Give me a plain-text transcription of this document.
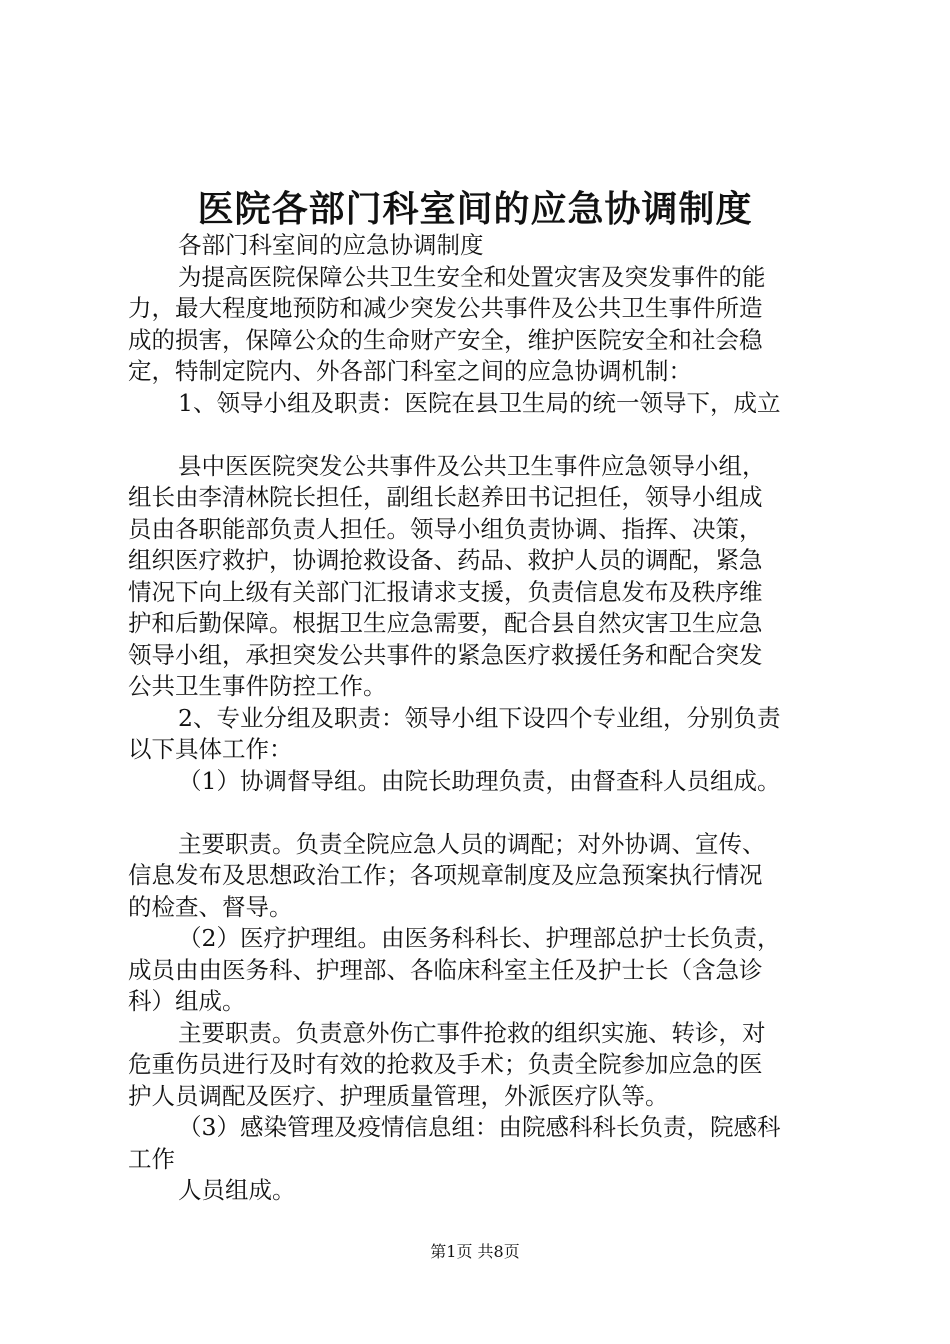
医院各部门科室间的应急协调制度
各部门科室间的应急协调制度
为提高医院保障公共卫生安全和处置灾害及突发事件的能
力，最大程度地预防和减少突发公共事件及公共卫生事件所造
成的损害，保障公众的生命财产安全，维护医院安全和社会稳
定，特制定院内、外各部门科室之间的应急协调机制：
1、领导小组及职责：医院在县卫生局的统一领导下，成立
县中医医院突发公共事件及公共卫生事件应急领导小组，
组长由李清林院长担任，副组长赵养田书记担任，领导小组成
员由各职能部负责人担任。领导小组负责协调、指挥、决策，
组织医疗救护，协调抢救设备、药品、救护人员的调配，紧急
情况下向上级有关部门汇报请求支援，负责信息发布及秩序维
护和后勤保障。根据卫生应急需要，配合县自然灾害卫生应急
领导小组，承担突发公共事件的紧急医疗救援任务和配合突发
公共卫生事件防控工作。
2、专业分组及职责：领导小组下设四个专业组，分别负责
以下具体工作：
（1）协调督导组。由院长助理负责，由督查科人员组成。
主要职责。负责全院应急人员的调配；对外协调、宣传、
信息发布及思想政治工作；各项规章制度及应急预案执行情况
的检查、督导。
（2）医疗护理组。由医务科科长、护理部总护士长负责，
成员由由医务科、护理部、各临床科室主任及护士长（含急诊
科）组成。
主要职责。负责意外伤亡事件抢救的组织实施、转诊，对
危重伤员进行及时有效的抢救及手术；负责全院参加应急的医
护人员调配及医疗、护理质量管理，外派医疗队等。
（3）感染管理及疫情信息组：由院感科科长负责，院感科
工作
人员组成。
第1页 共8页
